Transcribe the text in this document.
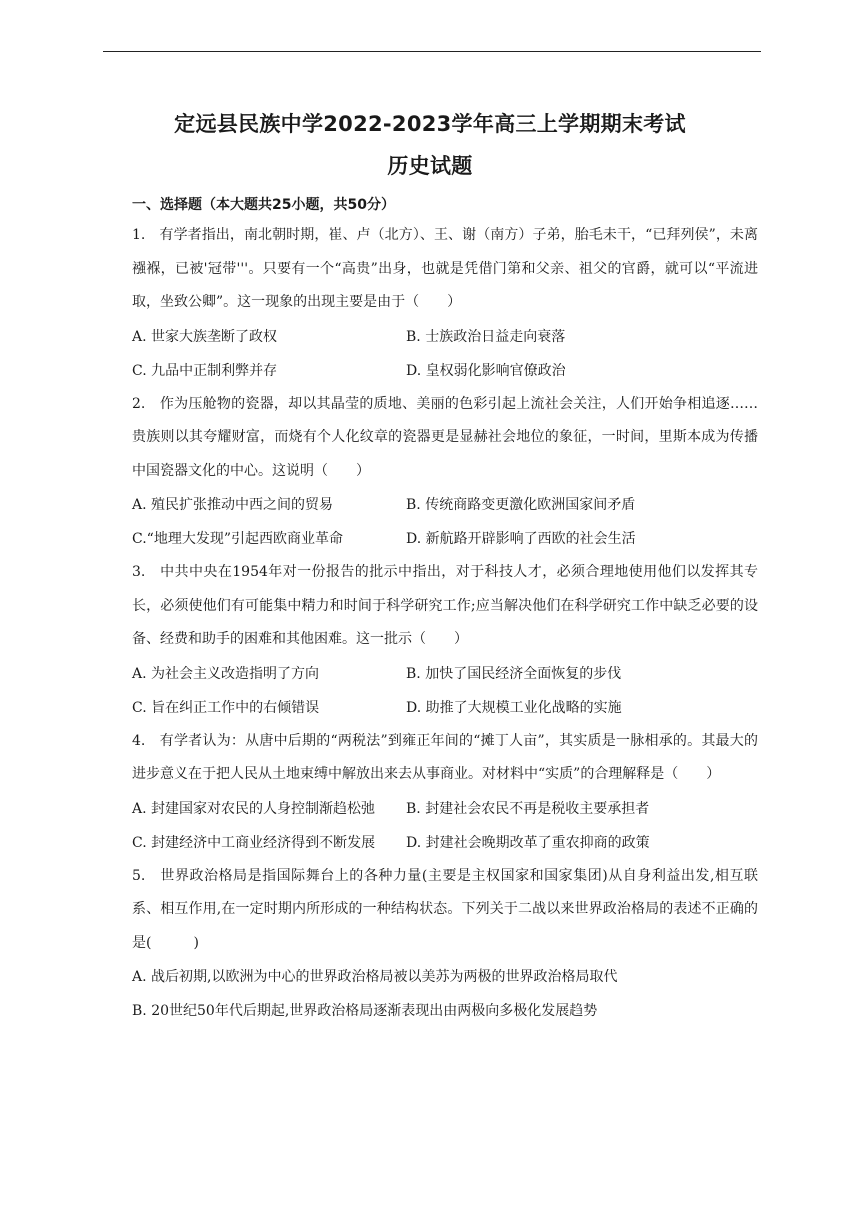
定远县民族中学2022-2023学年高三上学期期末考试
历史试题
一、选择题（本大题共25小题，共50分）
1.　有学者指出，南北朝时期，崔、卢（北方）、王、谢（南方）子弟，胎毛未干，“已拜列侯”，未离襁褓，已被'冠带'''。只要有一个“高贵”出身，也就是凭借门第和父亲、祖父的官爵，就可以“平流进取，坐致公卿”。这一现象的出现主要是由于（　　）
A. 世家大族垄断了政权	B. 士族政治日益走向衰落
C. 九品中正制利弊并存	D. 皇权弱化影响官僚政治
2.　作为压舱物的瓷器，却以其晶莹的质地、美丽的色彩引起上流社会关注，人们开始争相追逐……贵族则以其夸耀财富，而烧有个人化纹章的瓷器更是显赫社会地位的象征，一时间，里斯本成为传播中国瓷器文化的中心。这说明（　　）
A. 殖民扩张推动中西之间的贸易	B. 传统商路变更激化欧洲国家间矛盾
C.“地理大发现”引起西欧商业革命	D. 新航路开辟影响了西欧的社会生活
3.　中共中央在1954年对一份报告的批示中指出，对于科技人才，必须合理地使用他们以发挥其专长，必须使他们有可能集中精力和时间于科学研究工作;应当解决他们在科学研究工作中缺乏必要的设备、经费和助手的困难和其他困难。这一批示（　　）
A. 为社会主义改造指明了方向	B. 加快了国民经济全面恢复的步伐
C. 旨在纠正工作中的右倾错误	D. 助推了大规模工业化战略的实施
4.　有学者认为：从唐中后期的“两税法”到雍正年间的“摊丁人亩”，其实质是一脉相承的。其最大的进步意义在于把人民从土地束缚中解放出来去从事商业。对材料中“实质”的合理解释是（　　）
A. 封建国家对农民的人身控制渐趋松弛	B. 封建社会农民不再是税收主要承担者
C. 封建经济中工商业经济得到不断发展	D. 封建社会晚期改革了重农抑商的政策
5.　世界政治格局是指国际舞台上的各种力量(主要是主权国家和国家集团)从自身利益出发,相互联系、相互作用,在一定时期内所形成的一种结构状态。下列关于二战以来世界政治格局的表述不正确的是(　　　)
A. 战后初期,以欧洲为中心的世界政治格局被以美苏为两极的世界政治格局取代
B. 20世纪50年代后期起,世界政治格局逐渐表现出由两极向多极化发展趋势
